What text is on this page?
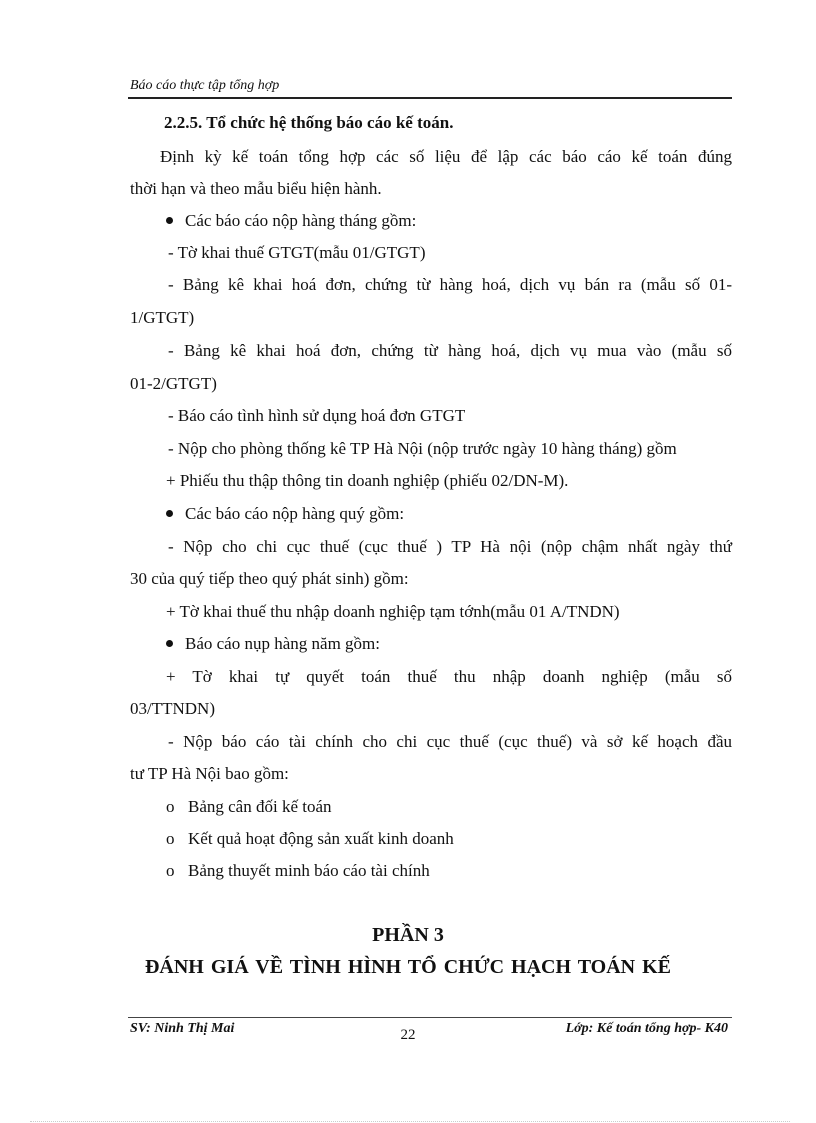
Báo cáo thực tập tổng hợp
2.2.5. Tổ chức hệ thống báo cáo kế toán.
Định kỳ kế toán tổng hợp các số liệu để lập các báo cáo kế toán đúng
thời hạn và theo mẫu biểu hiện hành.
Các báo cáo nộp hàng tháng gồm:
- Tờ khai thuế GTGT(mẫu 01/GTGT)
- Bảng kê khai hoá đơn, chứng từ hàng hoá, dịch vụ bán ra (mẫu số 01-
1/GTGT)
- Bảng kê khai hoá đơn, chứng từ hàng hoá, dịch vụ mua vào (mẫu số
01-2/GTGT)
- Báo cáo tình hình sử dụng hoá đơn GTGT
- Nộp cho phòng thống kê TP Hà Nội (nộp trước ngày 10 hàng tháng) gồm
+ Phiếu thu thập thông tin doanh nghiệp (phiếu 02/DN-M).
Các báo cáo nộp hàng quý gồm:
- Nộp cho chi cục thuế (cục thuế ) TP Hà nội (nộp chậm nhất ngày thứ
30 của quý tiếp theo quý phát sinh) gồm:
+ Tờ khai thuế thu nhập doanh nghiệp tạm tớnh(mẫu 01 A/TNDN)
Báo cáo nụp hàng năm gồm:
+ Tờ khai tự quyết toán thuế thu nhập doanh nghiệp (mẫu số
03/TTNDN)
- Nộp báo cáo tài chính cho chi cục thuế (cục thuế) và sở kế hoạch đầu
tư TP Hà Nội bao gồm:
o Bảng cân đối kế toán
o Kết quả hoạt động sản xuất kinh doanh
o Bảng thuyết minh báo cáo tài chính
PHẦN 3
ĐÁNH GIÁ VỀ TÌNH HÌNH TỔ CHỨC HẠCH TOÁN KẾ
SV: Ninh Thị Mai	22	Lớp: Kế toán tổng hợp- K40
